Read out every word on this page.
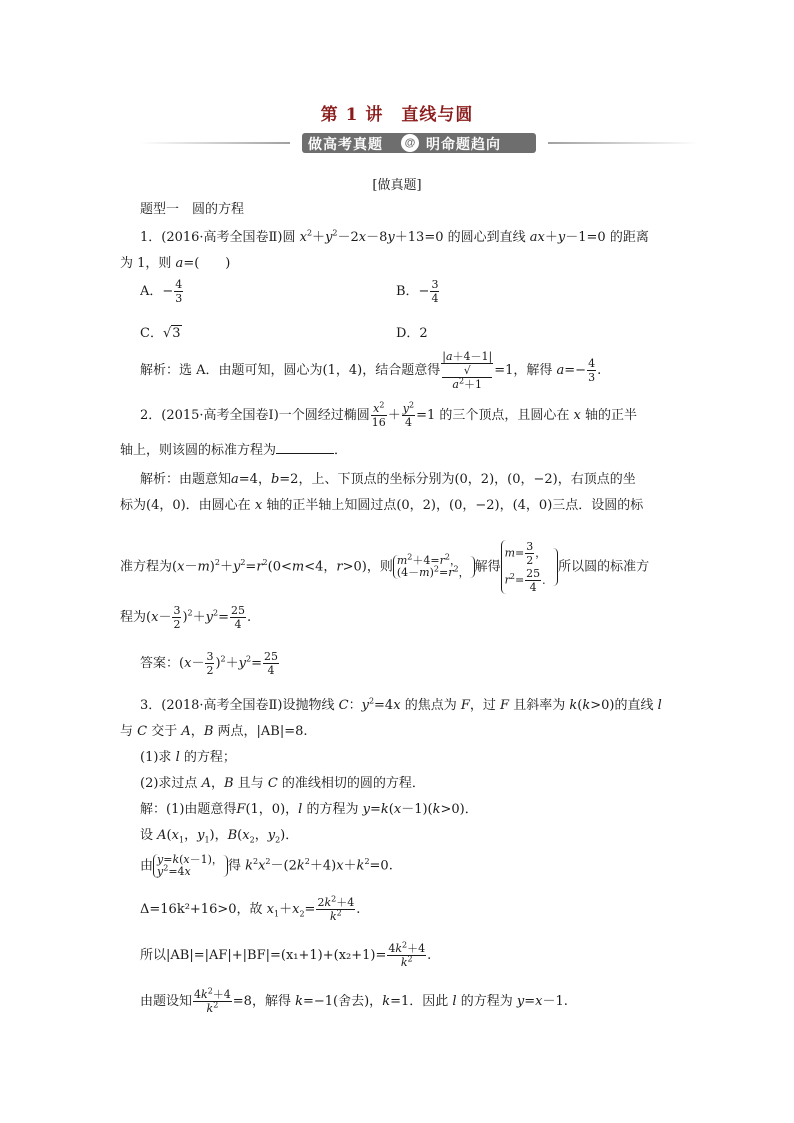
第 1 讲　直线与圆
做高考真题	@ 明命题趋向
[做真题]
题型一　圆的方程
1．(2016·高考全国卷Ⅱ)圆 $x^2+y^2-2x-8y+13=0$ 的圆心到直线 ax＋y－1=0 的距离
为 1，则 a=(　　)
A．− $\frac{4}{3}$	B．− $\frac{3}{4}$
C．√3	D．2
解析：选 A．由题可知，圆心为(1，4)，结合题意得 |a＋4－1|
√
$a^2+1 =1$，解得 $a=- \frac{4}{3}$ .
2．(2015·高考全国卷Ⅰ)一个圆经过椭圆 $\frac{x^2}{16} + \frac{y^2}{4} =1$ 的三个顶点，且圆心在 x 轴的正半
轴上，则该圆的标准方程为	．
解析：由题意知a=4，b=2，上、下顶点的坐标分别为(0，2)，(0，−2)，右顶点的坐
标为(4，0)．由圆心在 x 轴的正半轴上知圆过点(0，2)，(0，−2)，(4，0)三点．设圆的标
准方程为$(x-m)^2+y^2=r^2(0<m<4$，r>0)，则 $m^2+4=r^2$，
$(4-m)^2=r^2$， 解得$m= \frac{3}{2}$ ，
$r^2= \frac{25}{4}$ ．所以圆的标准方
程为$(x- \frac{3}{2} )^2+y^2= \frac{25}{4}$ .
答案：$(x- \frac{3}{2} )^2+y^2= \frac{25}{4}$
3．(2018·高考全国卷Ⅱ)设抛物线 C：$y^2=4x$ 的焦点为 F，过 F 且斜率为 k(k>0)的直线 l
与 C 交于 A，B 两点，|AB|=8.
(1)求 l 的方程；
(2)求过点 A，B 且与 C 的准线相切的圆的方程．
解：(1)由题意得F(1，0)，l 的方程为 y=k(x－1)(k>0)．
设 $A(x_1$，$y_1$)，$B(x_2$，$y_2$)．
由 y=k(x－1)，
$y^2=4x$	得 $k^2x^2-(2k^2+4)x+k^2=0$.
Δ=16k²+16>0，故 $x_1+x_2= \frac{2k^2+4}{k^2}$ .
所以$|AB|=|AF|+|BF|=(x_1+1)+(x_2+1)= \frac{4k^2+4}{k^2}$ .
由题设知 $\frac{4k^2+4}{k^2} =8$，解得 k=−1(舍去)，k=1．因此 l 的方程为 y=x－1.
